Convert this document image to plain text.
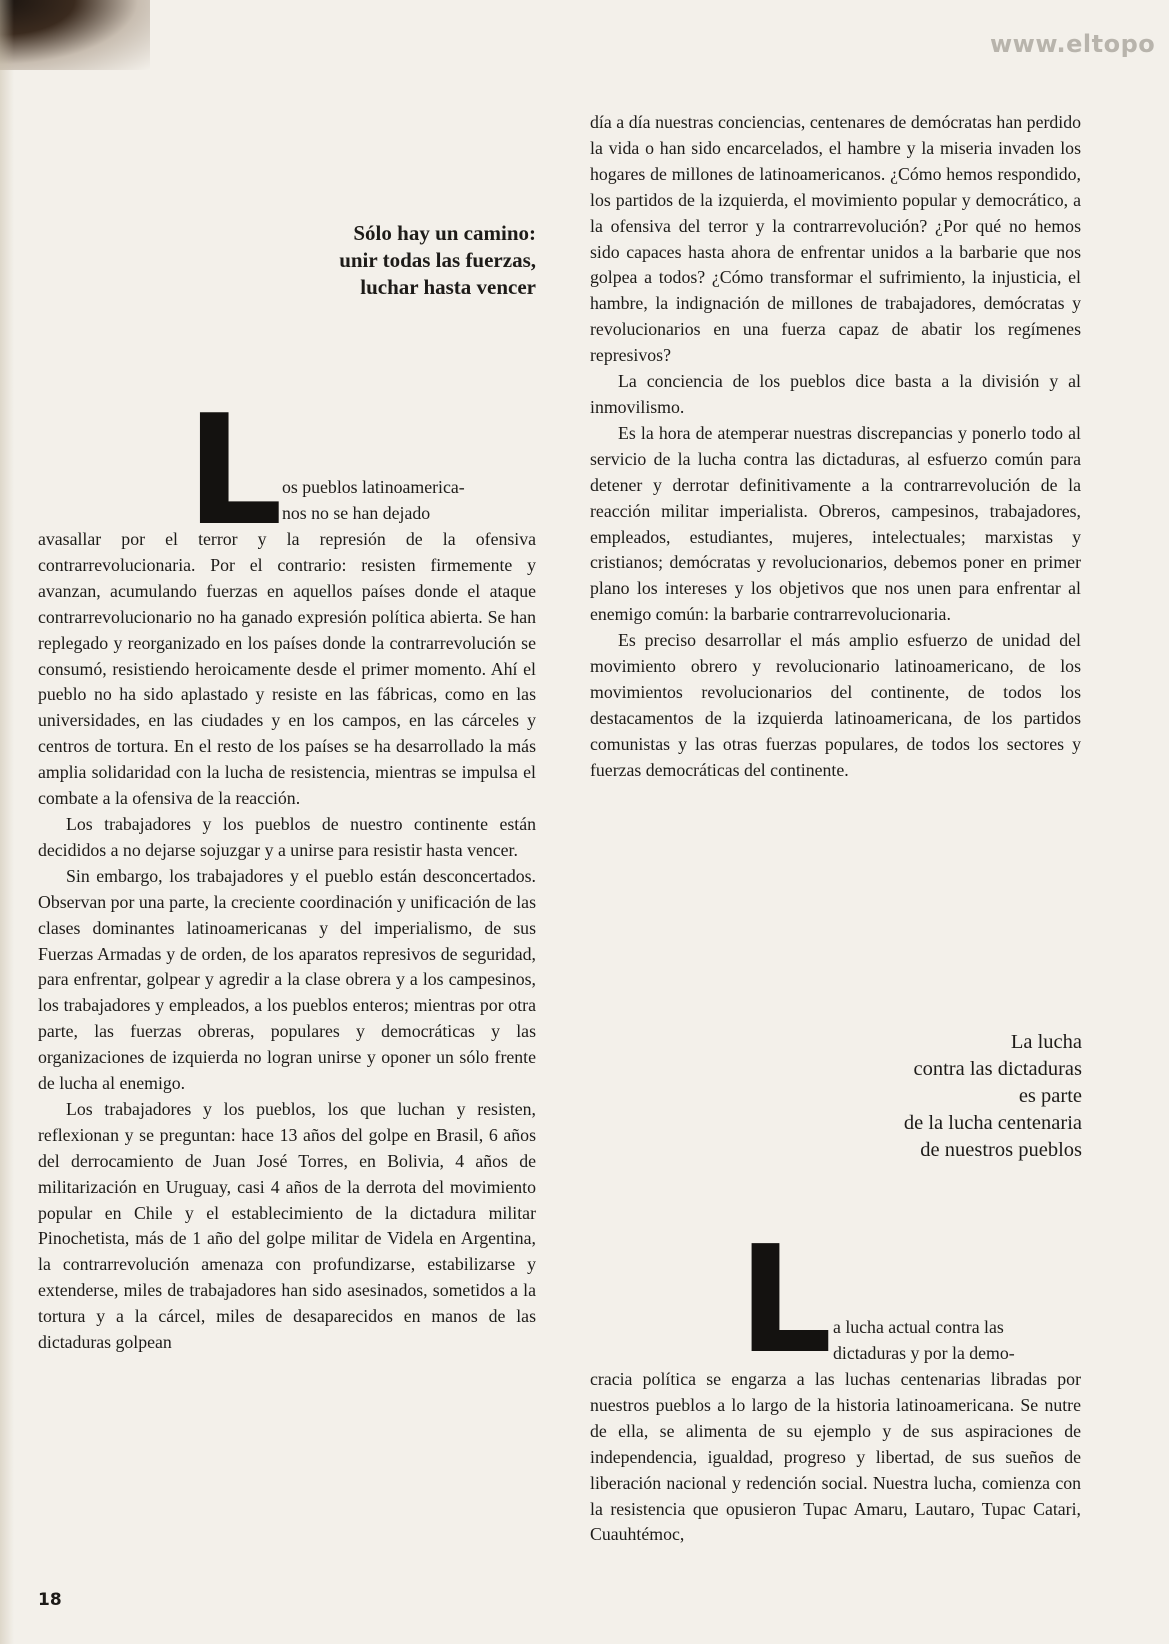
www.eltopo
Sólo hay un camino:
unir todas las fuerzas,
luchar hasta vencer
L os pueblos latinoamerica-
nos no se han dejado

avasallar por el terror y la represión de la ofensiva contrarrevolucionaria. Por el contrario: resisten firmemente y avanzan, acumulando fuerzas en aquellos países donde el ataque contrarrevolucionario no ha ganado expresión política abierta. Se han replegado y reorganizado en los países donde la contrarrevolución se consumó, resistiendo heroicamente desde el primer momento. Ahí el pueblo no ha sido aplastado y resiste en las fábricas, como en las universidades, en las ciudades y en los campos, en las cárceles y centros de tortura. En el resto de los países se ha desarrollado la más amplia solidaridad con la lucha de resistencia, mientras se impulsa el combate a la ofensiva de la reacción.

Los trabajadores y los pueblos de nuestro continente están decididos a no dejarse sojuzgar y a unirse para resistir hasta vencer.

Sin embargo, los trabajadores y el pueblo están desconcertados. Observan por una parte, la creciente coordinación y unificación de las clases dominantes latinoamericanas y del imperialismo, de sus Fuerzas Armadas y de orden, de los aparatos represivos de seguridad, para enfrentar, golpear y agredir a la clase obrera y a los campesinos, los trabajadores y empleados, a los pueblos enteros; mientras por otra parte, las fuerzas obreras, populares y democráticas y las organizaciones de izquierda no logran unirse y oponer un sólo frente de lucha al enemigo.

Los trabajadores y los pueblos, los que luchan y resisten, reflexionan y se preguntan: hace 13 años del golpe en Brasil, 6 años del derrocamiento de Juan José Torres, en Bolivia, 4 años de militarización en Uruguay, casi 4 años de la derrota del movimiento popular en Chile y el establecimiento de la dictadura militar Pinochetista, más de 1 año del golpe militar de Videla en Argentina, la contrarrevolución amenaza con profundizarse, estabilizarse y extenderse, miles de trabajadores han sido asesinados, sometidos a la tortura y a la cárcel, miles de desaparecidos en manos de las dictaduras golpean

día a día nuestras conciencias, centenares de demócratas han perdido la vida o han sido encarcelados, el hambre y la miseria invaden los hogares de millones de latinoamericanos. ¿Cómo hemos respondido, los partidos de la izquierda, el movimiento popular y democrático, a la ofensiva del terror y la contrarrevolución? ¿Por qué no hemos sido capaces hasta ahora de enfrentar unidos a la barbarie que nos golpea a todos? ¿Cómo transformar el sufrimiento, la injusticia, el hambre, la indignación de millones de trabajadores, demócratas y revolucionarios en una fuerza capaz de abatir los regímenes represivos?

La conciencia de los pueblos dice basta a la división y al inmovilismo.

Es la hora de atemperar nuestras discrepancias y ponerlo todo al servicio de la lucha contra las dictaduras, al esfuerzo común para detener y derrotar definitivamente a la contrarrevolución de la reacción militar imperialista. Obreros, campesinos, trabajadores, empleados, estudiantes, mujeres, intelectuales; marxistas y cristianos; demócratas y revolucionarios, debemos poner en primer plano los intereses y los objetivos que nos unen para enfrentar al enemigo común: la barbarie contrarrevolucionaria.

Es preciso desarrollar el más amplio esfuerzo de unidad del movimiento obrero y revolucionario latinoamericano, de los movimientos revolucionarios del continente, de todos los destacamentos de la izquierda latinoamericana, de los partidos comunistas y las otras fuerzas populares, de todos los sectores y fuerzas democráticas del continente.

La lucha
contra las dictaduras
es parte
de la lucha centenaria
de nuestros pueblos
L a lucha actual contra las
dictaduras y por la demo-

cracia política se engarza a las luchas centenarias libradas por nuestros pueblos a lo largo de la historia latinoamericana. Se nutre de ella, se alimenta de su ejemplo y de sus aspiraciones de independencia, igualdad, progreso y libertad, de sus sueños de liberación nacional y redención social. Nuestra lucha, comienza con la resistencia que opusieron Tupac Amaru, Lautaro, Tupac Catari, Cuauhtémoc,

18
